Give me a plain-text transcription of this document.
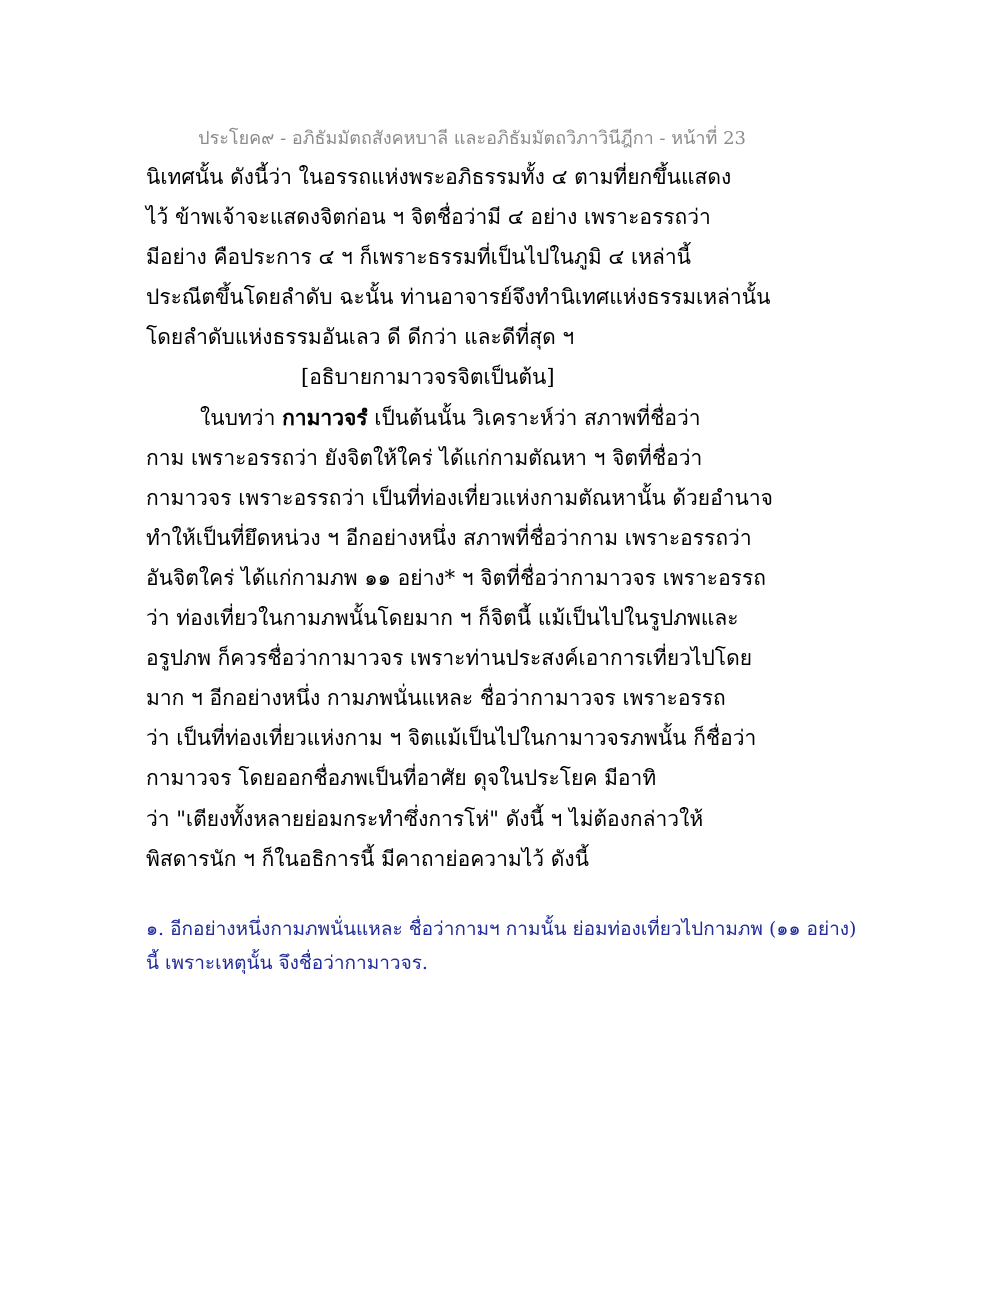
ประโยค๙ - อภิธัมมัตถสังคหบาลี และอภิธัมมัตถวิภาวินีฎีกา - หน้าที่ 23
นิเทศนั้น ดังนี้ว่า ในอรรถแห่งพระอภิธรรมทั้ง ๔ ตามที่ยกขึ้นแสดง
ไว้ ข้าพเจ้าจะแสดงจิตก่อน ฯ จิตชื่อว่ามี ๔ อย่าง เพราะอรรถว่า
มีอย่าง คือประการ ๔ ฯ ก็เพราะธรรมที่เป็นไปในภูมิ ๔ เหล่านี้
ประณีตขึ้นโดยลำดับ ฉะนั้น ท่านอาจารย์จึงทำนิเทศแห่งธรรมเหล่านั้น
โดยลำดับแห่งธรรมอันเลว ดี ดีกว่า และดีที่สุด ฯ
[อธิบายกามาวจรจิตเป็นต้น]
ในบทว่า กามาวจรํ เป็นต้นนั้น วิเคราะห์ว่า สภาพที่ชื่อว่า
กาม เพราะอรรถว่า ยังจิตให้ใคร่ ได้แก่กามตัณหา ฯ จิตที่ชื่อว่า
กามาวจร เพราะอรรถว่า เป็นที่ท่องเที่ยวแห่งกามตัณหานั้น ด้วยอำนาจ
ทำให้เป็นที่ยึดหน่วง ฯ อีกอย่างหนึ่ง สภาพที่ชื่อว่ากาม เพราะอรรถว่า
อันจิตใคร่ ได้แก่กามภพ ๑๑ อย่าง* ฯ จิตที่ชื่อว่ากามาวจร เพราะอรรถ
ว่า ท่องเที่ยวในกามภพนั้นโดยมาก ฯ ก็จิตนี้ แม้เป็นไปในรูปภพและ
อรูปภพ ก็ควรชื่อว่ากามาวจร เพราะท่านประสงค์เอาการเที่ยวไปโดย
มาก ฯ อีกอย่างหนึ่ง กามภพนั่นแหละ ชื่อว่ากามาวจร เพราะอรรถ
ว่า เป็นที่ท่องเที่ยวแห่งกาม ฯ จิตแม้เป็นไปในกามาวจรภพนั้น ก็ชื่อว่า
กามาวจร โดยออกชื่อภพเป็นที่อาศัย ดุจในประโยค มีอาทิ
ว่า "เตียงทั้งหลายย่อมกระทำซึ่งการโห่" ดังนี้ ฯ ไม่ต้องกล่าวให้
พิสดารนัก ฯ ก็ในอธิการนี้ มีคาถาย่อความไว้ ดังนี้
๑. อีกอย่างหนึ่งกามภพนั่นแหละ ชื่อว่ากามฯ กามนั้น ย่อมท่องเที่ยวไปกามภพ (๑๑ อย่าง)
นี้ เพราะเหตุนั้น จึงชื่อว่ากามาวจร.
